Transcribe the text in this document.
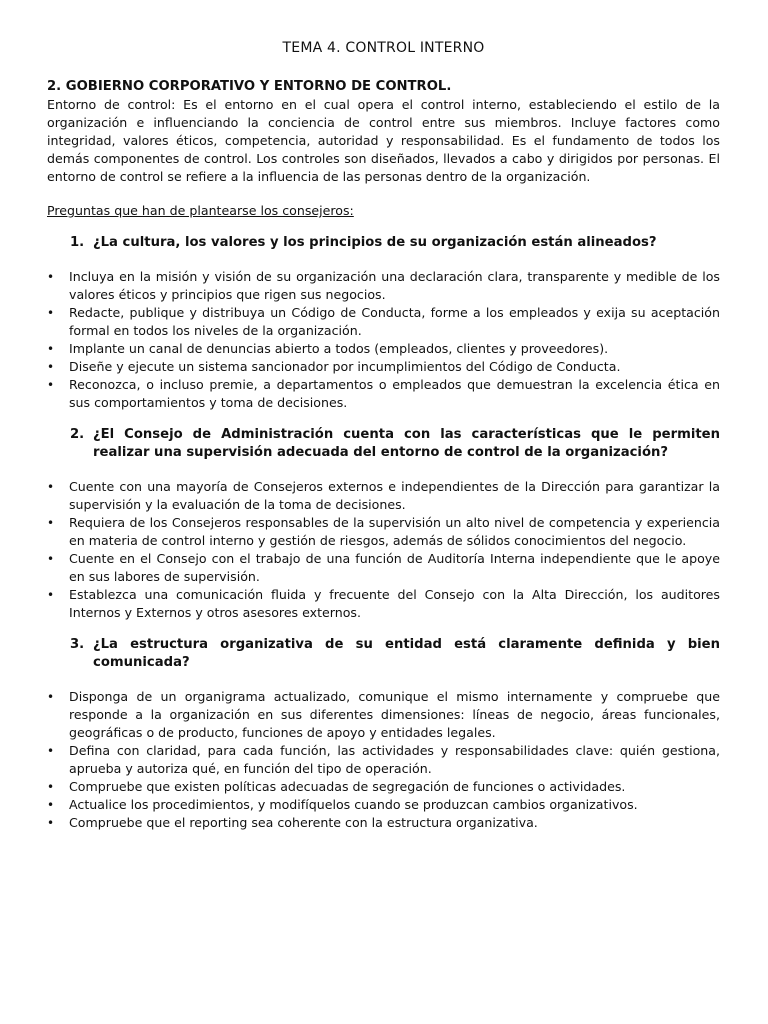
TEMA 4. CONTROL INTERNO
2. GOBIERNO CORPORATIVO Y ENTORNO DE CONTROL.

Entorno de control: Es el entorno en el cual opera el control interno, estableciendo el estilo de la organización e influenciando la conciencia de control entre sus miembros. Incluye factores como integridad, valores éticos, competencia, autoridad y responsabilidad. Es el fundamento de todos los demás componentes de control. Los controles son diseñados, llevados a cabo y dirigidos por personas. El entorno de control se refiere a la influencia de las personas dentro de la organización.

Preguntas que han de plantearse los consejeros:

1. ¿La cultura, los valores y los principios de su organización están alineados?
•	Incluya en la misión y visión de su organización una declaración clara, transparente y medible de los valores éticos y principios que rigen sus negocios.
•	Redacte, publique y distribuya un Código de Conducta, forme a los empleados y exija su aceptación formal en todos los niveles de la organización.
•	Implante un canal de denuncias abierto a todos (empleados, clientes y proveedores).
•	Diseñe y ejecute un sistema sancionador por incumplimientos del Código de Conducta.
•	Reconozca, o incluso premie, a departamentos o empleados que demuestran la excelencia ética en sus comportamientos y toma de decisiones.
2. ¿El Consejo de Administración cuenta con las características que le permiten realizar una supervisión adecuada del entorno de control de la organización?
•	Cuente con una mayoría de Consejeros externos e independientes de la Dirección para garantizar la supervisión y la evaluación de la toma de decisiones.
•	Requiera de los Consejeros responsables de la supervisión un alto nivel de competencia y experiencia en materia de control interno y gestión de riesgos, además de sólidos conocimientos del negocio.
•	Cuente en el Consejo con el trabajo de una función de Auditoría Interna independiente que le apoye en sus labores de supervisión.
•	Establezca una comunicación fluida y frecuente del Consejo con la Alta Dirección, los auditores Internos y Externos y otros asesores externos.
3. ¿La estructura organizativa de su entidad está claramente definida y bien comunicada?
•	Disponga de un organigrama actualizado, comunique el mismo internamente y compruebe que responde a la organización en sus diferentes dimensiones: líneas de negocio, áreas funcionales, geográficas o de producto, funciones de apoyo y entidades legales.
•	Defina con claridad, para cada función, las actividades y responsabilidades clave: quién gestiona, aprueba y autoriza qué, en función del tipo de operación.
•	Compruebe que existen políticas adecuadas de segregación de funciones o actividades.
•	Actualice los procedimientos, y modifíquelos cuando se produzcan cambios organizativos.
•	Compruebe que el reporting sea coherente con la estructura organizativa.
